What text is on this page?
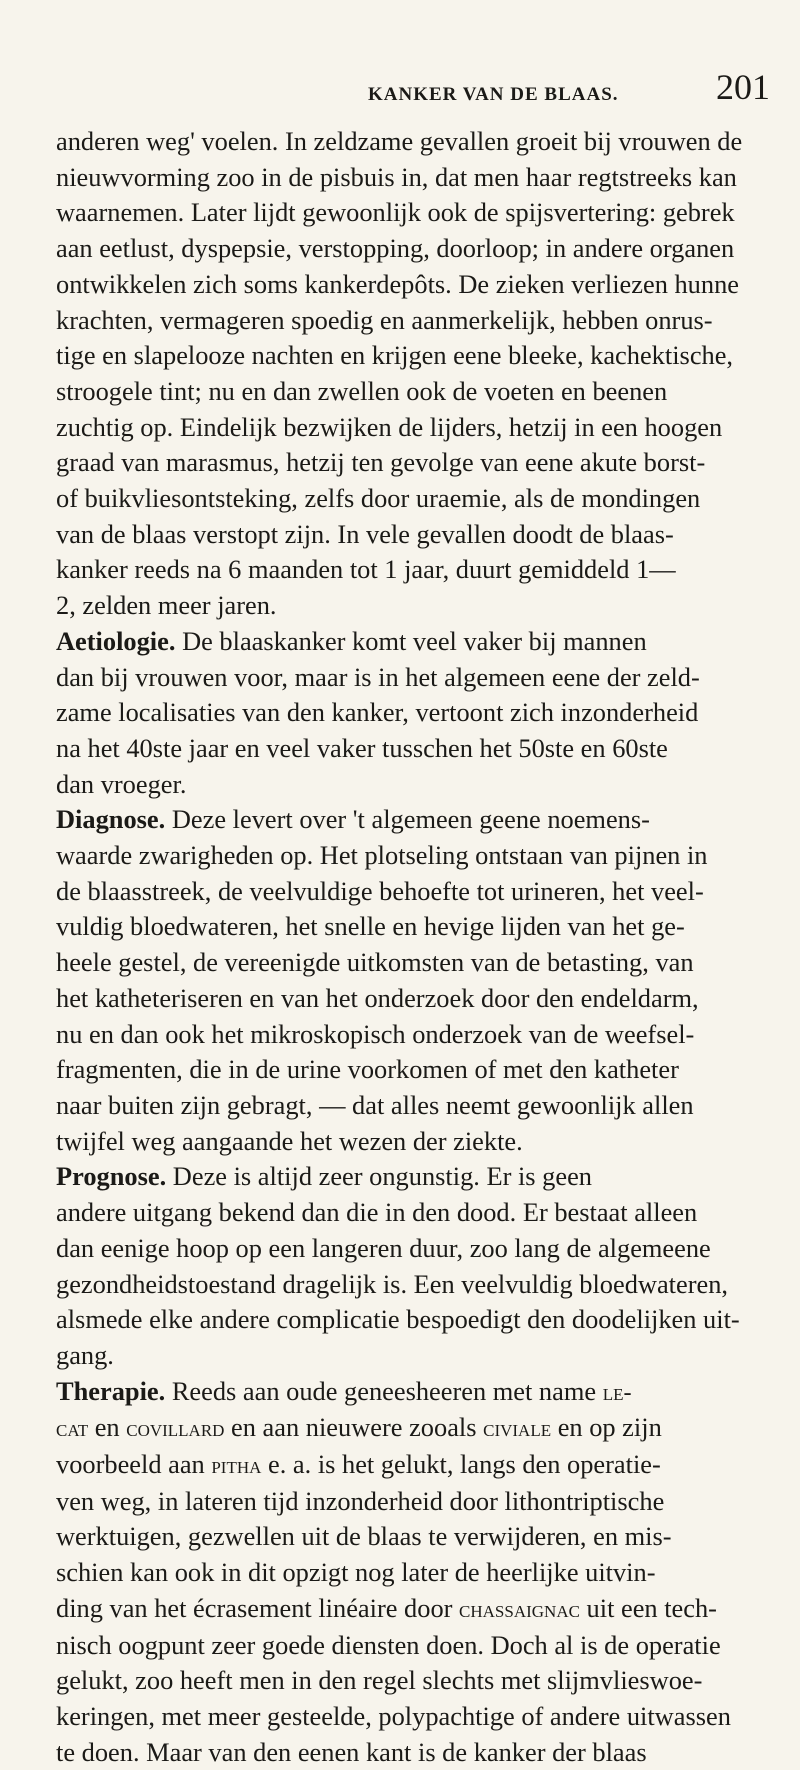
KANKER VAN DE BLAAS.	201
anderen weg' voelen. In zeldzame gevallen groeit bij vrouwen de
nieuwvorming zoo in de pisbuis in, dat men haar regtstreeks kan
waarnemen. Later lijdt gewoonlijk ook de spijsvertering: gebrek
aan eetlust, dyspepsie, verstopping, doorloop; in andere organen
ontwikkelen zich soms kankerdepôts. De zieken verliezen hunne
krachten, vermageren spoedig en aanmerkelijk, hebben onrus-
tige en slapelooze nachten en krijgen eene bleeke, kachektische,
stroogele tint; nu en dan zwellen ook de voeten en beenen
zuchtig op. Eindelijk bezwijken de lijders, hetzij in een hoogen
graad van marasmus, hetzij ten gevolge van eene akute borst-
of buikvliesontsteking, zelfs door uraemie, als de mondingen
van de blaas verstopt zijn. In vele gevallen doodt de blaas-
kanker reeds na 6 maanden tot 1 jaar, duurt gemiddeld 1—
2, zelden meer jaren.
Aetiologie. De blaaskanker komt veel vaker bij mannen
dan bij vrouwen voor, maar is in het algemeen eene der zeld-
zame localisaties van den kanker, vertoont zich inzonderheid
na het 40ste jaar en veel vaker tusschen het 50ste en 60ste
dan vroeger.
Diagnose. Deze levert over 't algemeen geene noemens-
waarde zwarigheden op. Het plotseling ontstaan van pijnen in
de blaasstreek, de veelvuldige behoefte tot urineren, het veel-
vuldig bloedwateren, het snelle en hevige lijden van het ge-
heele gestel, de vereenigde uitkomsten van de betasting, van
het katheteriseren en van het onderzoek door den endeldarm,
nu en dan ook het mikroskopisch onderzoek van de weefsel-
fragmenten, die in de urine voorkomen of met den katheter
naar buiten zijn gebragt, — dat alles neemt gewoonlijk allen
twijfel weg aangaande het wezen der ziekte.
Prognose. Deze is altijd zeer ongunstig. Er is geen
andere uitgang bekend dan die in den dood. Er bestaat alleen
dan eenige hoop op een langeren duur, zoo lang de algemeene
gezondheidstoestand dragelijk is. Een veelvuldig bloedwateren,
alsmede elke andere complicatie bespoedigt den doodelijken uit-
gang.
Therapie. Reeds aan oude geneesheeren met name le-
cat en covillard en aan nieuwere zooals civiale en op zijn
voorbeeld aan pitha e. a. is het gelukt, langs den operatie-
ven weg, in lateren tijd inzonderheid door lithontriptische
werktuigen, gezwellen uit de blaas te verwijderen, en mis-
schien kan ook in dit opzigt nog later de heerlijke uitvin-
ding van het écrasement linéaire door chassaignac uit een tech-
nisch oogpunt zeer goede diensten doen. Doch al is de operatie
gelukt, zoo heeft men in den regel slechts met slijmvlieswoe-
keringen, met meer gesteelde, polypachtige of andere uitwassen
te doen. Maar van den eenen kant is de kanker der blaas
